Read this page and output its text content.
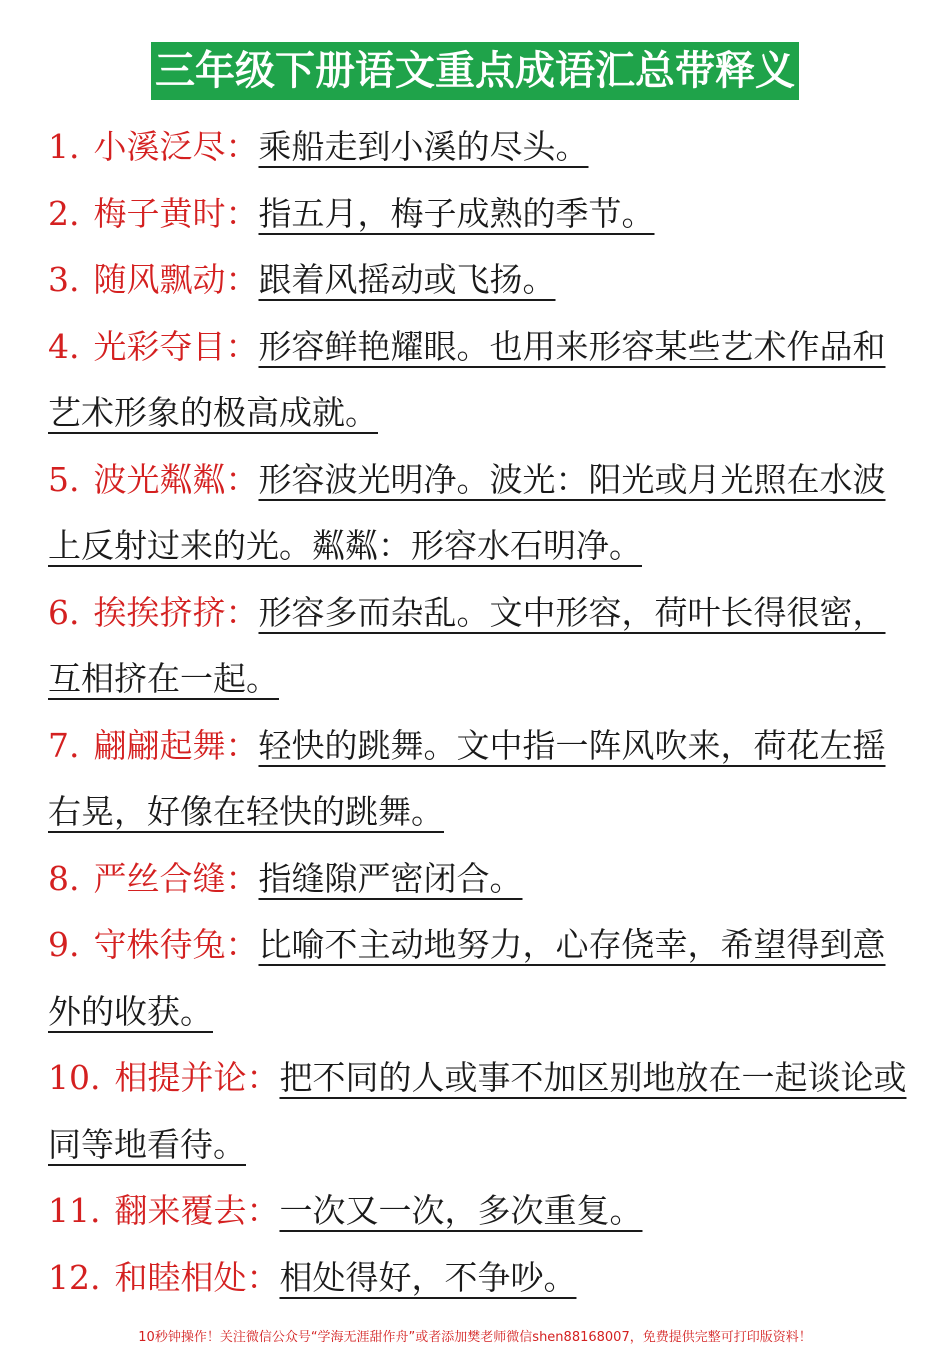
三年级下册语文重点成语汇总带释义
1. 小溪泛尽：乘船走到小溪的尽头。
2. 梅子黄时：指五月，梅子成熟的季节。
3. 随风飘动：跟着风摇动或飞扬。
4. 光彩夺目：形容鲜艳耀眼。也用来形容某些艺术作品和艺术形象的极高成就。
5. 波光粼粼：形容波光明净。波光：阳光或月光照在水波上反射过来的光。粼粼：形容水石明净。
6. 挨挨挤挤：形容多而杂乱。文中形容，荷叶长得很密，互相挤在一起。
7. 翩翩起舞：轻快的跳舞。文中指一阵风吹来，荷花左摇右晃，好像在轻快的跳舞。
8. 严丝合缝：指缝隙严密闭合。
9. 守株待兔：比喻不主动地努力，心存侥幸，希望得到意外的收获。
10. 相提并论：把不同的人或事不加区别地放在一起谈论或同等地看待。
11. 翻来覆去：一次又一次，多次重复。
12. 和睦相处：相处得好，不争吵。
10秒钟操作！关注微信公众号“学海无涯甜作舟”或者添加樊老师微信shen88168007，免费提供完整可打印版资料！
